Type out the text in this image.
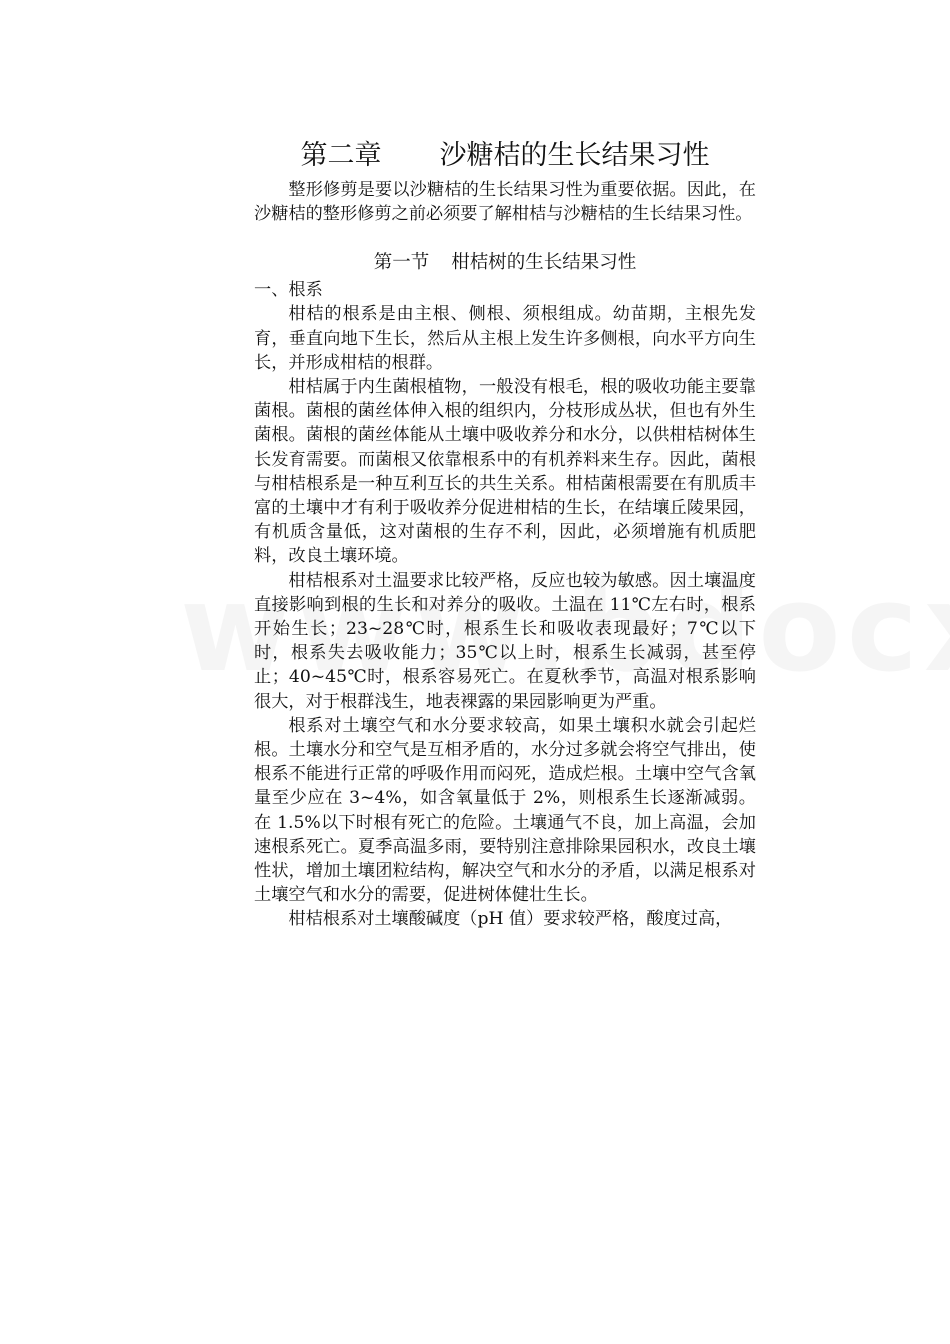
第二章 沙糖桔的生长结果习性

整形修剪是要以沙糖桔的生长结果习性为重要依据。因此，在沙糖桔的整形修剪之前必须要了解柑桔与沙糖桔的生长结果习性。

第一节 柑桔树的生长结果习性
一、根系

柑桔的根系是由主根、侧根、须根组成。幼苗期，主根先发育，垂直向地下生长，然后从主根上发生许多侧根，向水平方向生长，并形成柑桔的根群。

柑桔属于内生菌根植物，一般没有根毛，根的吸收功能主要靠菌根。菌根的菌丝体伸入根的组织内，分枝形成丛状，但也有外生菌根。菌根的菌丝体能从土壤中吸收养分和水分，以供柑桔树体生长发育需要。而菌根又依靠根系中的有机养料来生存。因此，菌根与柑桔根系是一种互利互长的共生关系。柑桔菌根需要在有肌质丰富的土壤中才有利于吸收养分促进柑桔的生长，在结壤丘陵果园，有机质含量低，这对菌根的生存不利，因此，必须增施有机质肥料，改良土壤环境。

柑桔根系对土温要求比较严格，反应也较为敏感。因土壤温度直接影响到根的生长和对养分的吸收。土温在 11℃左右时，根系开始生长；23~28℃时，根系生长和吸收表现最好；7℃以下时，根系失去吸收能力；35℃以上时，根系生长减弱，甚至停止；40~45℃时，根系容易死亡。在夏秋季节，高温对根系影响很大，对于根群浅生，地表裸露的果园影响更为严重。

根系对土壤空气和水分要求较高，如果土壤积水就会引起烂根。土壤水分和空气是互相矛盾的，水分过多就会将空气排出，使根系不能进行正常的呼吸作用而闷死，造成烂根。土壤中空气含氧量至少应在 3~4%，如含氧量低于 2%，则根系生长逐渐减弱。在 1.5%以下时根有死亡的危险。土壤通气不良，加上高温，会加速根系死亡。夏季高温多雨，要特别注意排除果园积水，改良土壤性状，增加土壤团粒结构，解决空气和水分的矛盾，以满足根系对土壤空气和水分的需要，促进树体健壮生长。

柑桔根系对土壤酸碱度（pH 值）要求较严格，酸度过高，
